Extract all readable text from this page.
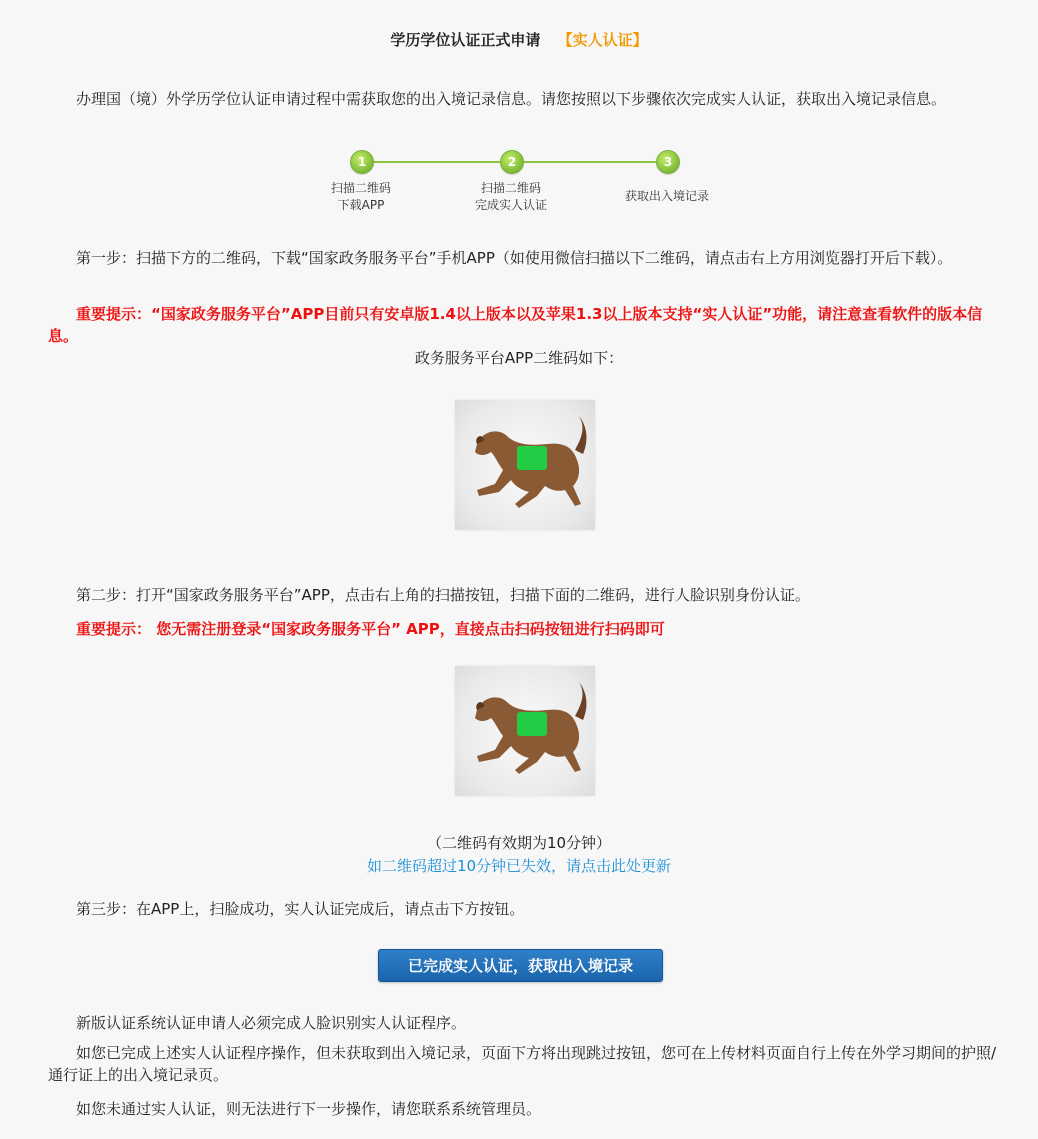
学历学位认证正式申请 【实人认证】
办理国（境）外学历学位认证申请过程中需获取您的出入境记录信息。请您按照以下步骤依次完成实人认证，获取出入境记录信息。
1	2	3
扫描二维码
下载APP
扫描二维码
完成实人认证
获取出入境记录
第一步：扫描下方的二维码，下载“国家政务服务平台”手机APP（如使用微信扫描以下二维码，请点击右上方用浏览器打开后下载）。
重要提示：“国家政务服务平台”APP目前只有安卓版1.4以上版本以及苹果1.3以上版本支持“实人认证”功能，请注意查看软件的版本信息。
政务服务平台APP二维码如下：
第二步：打开“国家政务服务平台”APP，点击右上角的扫描按钮，扫描下面的二维码，进行人脸识别身份认证。
重要提示： 您无需注册登录“国家政务服务平台” APP，直接点击扫码按钮进行扫码即可
（二维码有效期为10分钟）
如二维码超过10分钟已失效，请点击此处更新
第三步：在APP上，扫脸成功，实人认证完成后，请点击下方按钮。
已完成实人认证，获取出入境记录
新版认证系统认证申请人必须完成人脸识别实人认证程序。
如您已完成上述实人认证程序操作，但未获取到出入境记录，页面下方将出现跳过按钮，您可在上传材料页面自行上传在外学习期间的护照/通行证上的出入境记录页。
如您未通过实人认证，则无法进行下一步操作，请您联系系统管理员。
